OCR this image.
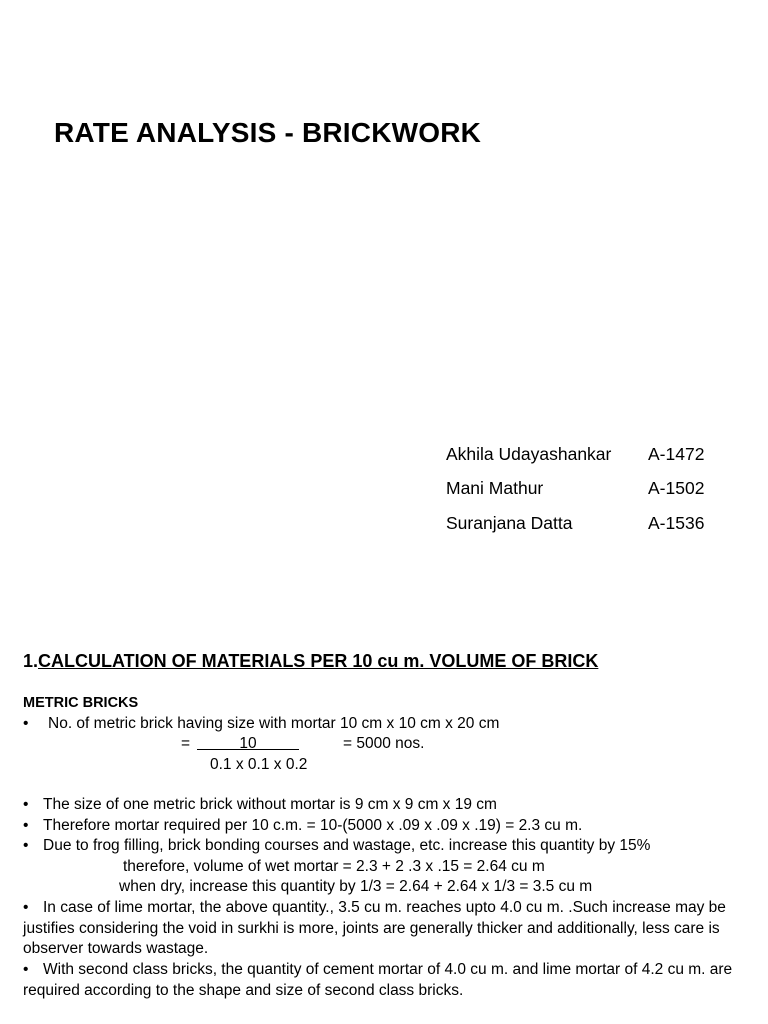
RATE ANALYSIS - BRICKWORK
Akhila Udayashankar	A-1472
Mani Mathur	A-1502
Suranjana Datta	A-1536
1.CALCULATION OF MATERIALS PER 10 cu m. VOLUME OF BRICK
METRIC BRICKS
• No. of metric brick having size with mortar 10 cm x 10 cm x 20 cm
=	10	= 5000 nos.
0.1 x 0.1 x 0.2
• The size of one metric brick without mortar is 9 cm x 9 cm x 19 cm
• Therefore mortar required per 10 c.m. = 10-(5000 x .09 x .09 x .19) = 2.3 cu m.
• Due to frog filling, brick bonding courses and wastage, etc. increase this quantity by 15%
therefore, volume of wet mortar = 2.3 + 2 .3 x .15 = 2.64 cu m
when dry, increase this quantity by 1/3 = 2.64 + 2.64 x 1/3 = 3.5 cu m
• In case of lime mortar, the above quantity., 3.5 cu m. reaches upto 4.0 cu m. .Such increase may be justifies considering the void in surkhi is more, joints are generally thicker and additionally, less care is observer towards wastage.
• With second class bricks, the quantity of cement mortar of 4.0 cu m. and lime mortar of 4.2 cu m. are required according to the shape and size of second class bricks.
